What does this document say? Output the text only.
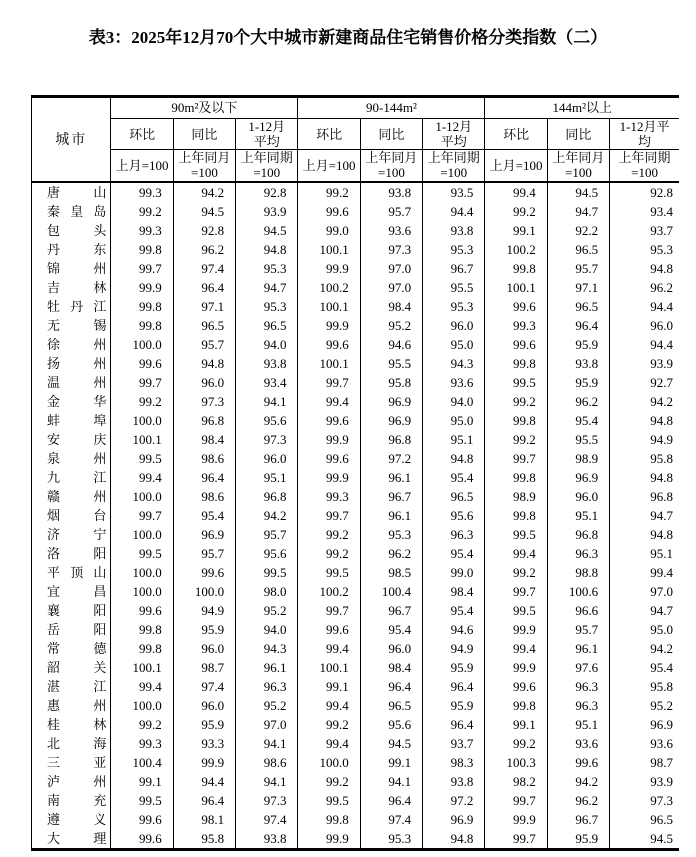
表3：2025年12月70个大中城市新建商品住宅销售价格分类指数（二）
城市	90m²及以下			90-144m²			144m²以上		
	环比	同比	1-12月平均	环比	同比	1-12月平均	环比	同比	1-12月平均
	上月=100	上年同月=100	上年同期=100	上月=100	上年同月=100	上年同期=100	上月=100	上年同月=100	上年同期=100

唐 山	99.3	94.2	92.8	99.2	93.8	93.5	99.4	94.5	92.8

秦 皇 岛	99.2	94.5	93.9	99.6	95.7	94.4	99.2	94.7	93.4

包 头	99.3	92.8	94.5	99.0	93.6	93.8	99.1	92.2	93.7

丹 东	99.8	96.2	94.8	100.1	97.3	95.3	100.2	96.5	95.3

锦 州	99.7	97.4	95.3	99.9	97.0	96.7	99.8	95.7	94.8

吉 林	99.9	96.4	94.7	100.2	97.0	95.5	100.1	97.1	96.2

牡 丹 江	99.8	97.1	95.3	100.1	98.4	95.3	99.6	96.5	94.4

无 锡	99.8	96.5	96.5	99.9	95.2	96.0	99.3	96.4	96.0

徐 州	100.0	95.7	94.0	99.6	94.6	95.0	99.6	95.9	94.4

扬 州	99.6	94.8	93.8	100.1	95.5	94.3	99.8	93.8	93.9

温 州	99.7	96.0	93.4	99.7	95.8	93.6	99.5	95.9	92.7

金 华	99.2	97.3	94.1	99.4	96.9	94.0	99.2	96.2	94.2

蚌 埠	100.0	96.8	95.6	99.6	96.9	95.0	99.8	95.4	94.8

安 庆	100.1	98.4	97.3	99.9	96.8	95.1	99.2	95.5	94.9

泉 州	99.5	98.6	96.0	99.6	97.2	94.8	99.7	98.9	95.8

九 江	99.4	96.4	95.1	99.9	96.1	95.4	99.8	96.9	94.8

赣 州	100.0	98.6	96.8	99.3	96.7	96.5	98.9	96.0	96.8

烟 台	99.7	95.4	94.2	99.7	96.1	95.6	99.8	95.1	94.7

济 宁	100.0	96.9	95.7	99.2	95.3	96.3	99.5	96.8	94.8

洛 阳	99.5	95.7	95.6	99.2	96.2	95.4	99.4	96.3	95.1

平 顶 山	100.0	99.6	99.5	99.5	98.5	99.0	99.2	98.8	99.4

宜 昌	100.0	100.0	98.0	100.2	100.4	98.4	99.7	100.6	97.0

襄 阳	99.6	94.9	95.2	99.7	96.7	95.4	99.5	96.6	94.7

岳 阳	99.8	95.9	94.0	99.6	95.4	94.6	99.9	95.7	95.0

常 德	99.8	96.0	94.3	99.4	96.0	94.9	99.4	96.1	94.2

韶 关	100.1	98.7	96.1	100.1	98.4	95.9	99.9	97.6	95.4

湛 江	99.4	97.4	96.3	99.1	96.4	96.4	99.6	96.3	95.8

惠 州	100.0	96.0	95.2	99.4	96.5	95.9	99.8	96.3	95.2

桂 林	99.2	95.9	97.0	99.2	95.6	96.4	99.1	95.1	96.9

北 海	99.3	93.3	94.1	99.4	94.5	93.7	99.2	93.6	93.6

三 亚	100.4	99.9	98.6	100.0	99.1	98.3	100.3	99.6	98.7

泸 州	99.1	94.4	94.1	99.2	94.1	93.8	98.2	94.2	93.9

南 充	99.5	96.4	97.3	99.5	96.4	97.2	99.7	96.2	97.3

遵 义	99.6	98.1	97.4	99.8	97.4	96.9	99.9	96.7	96.5

大 理	99.6	95.8	93.8	99.9	95.3	94.8	99.7	95.9	94.5
